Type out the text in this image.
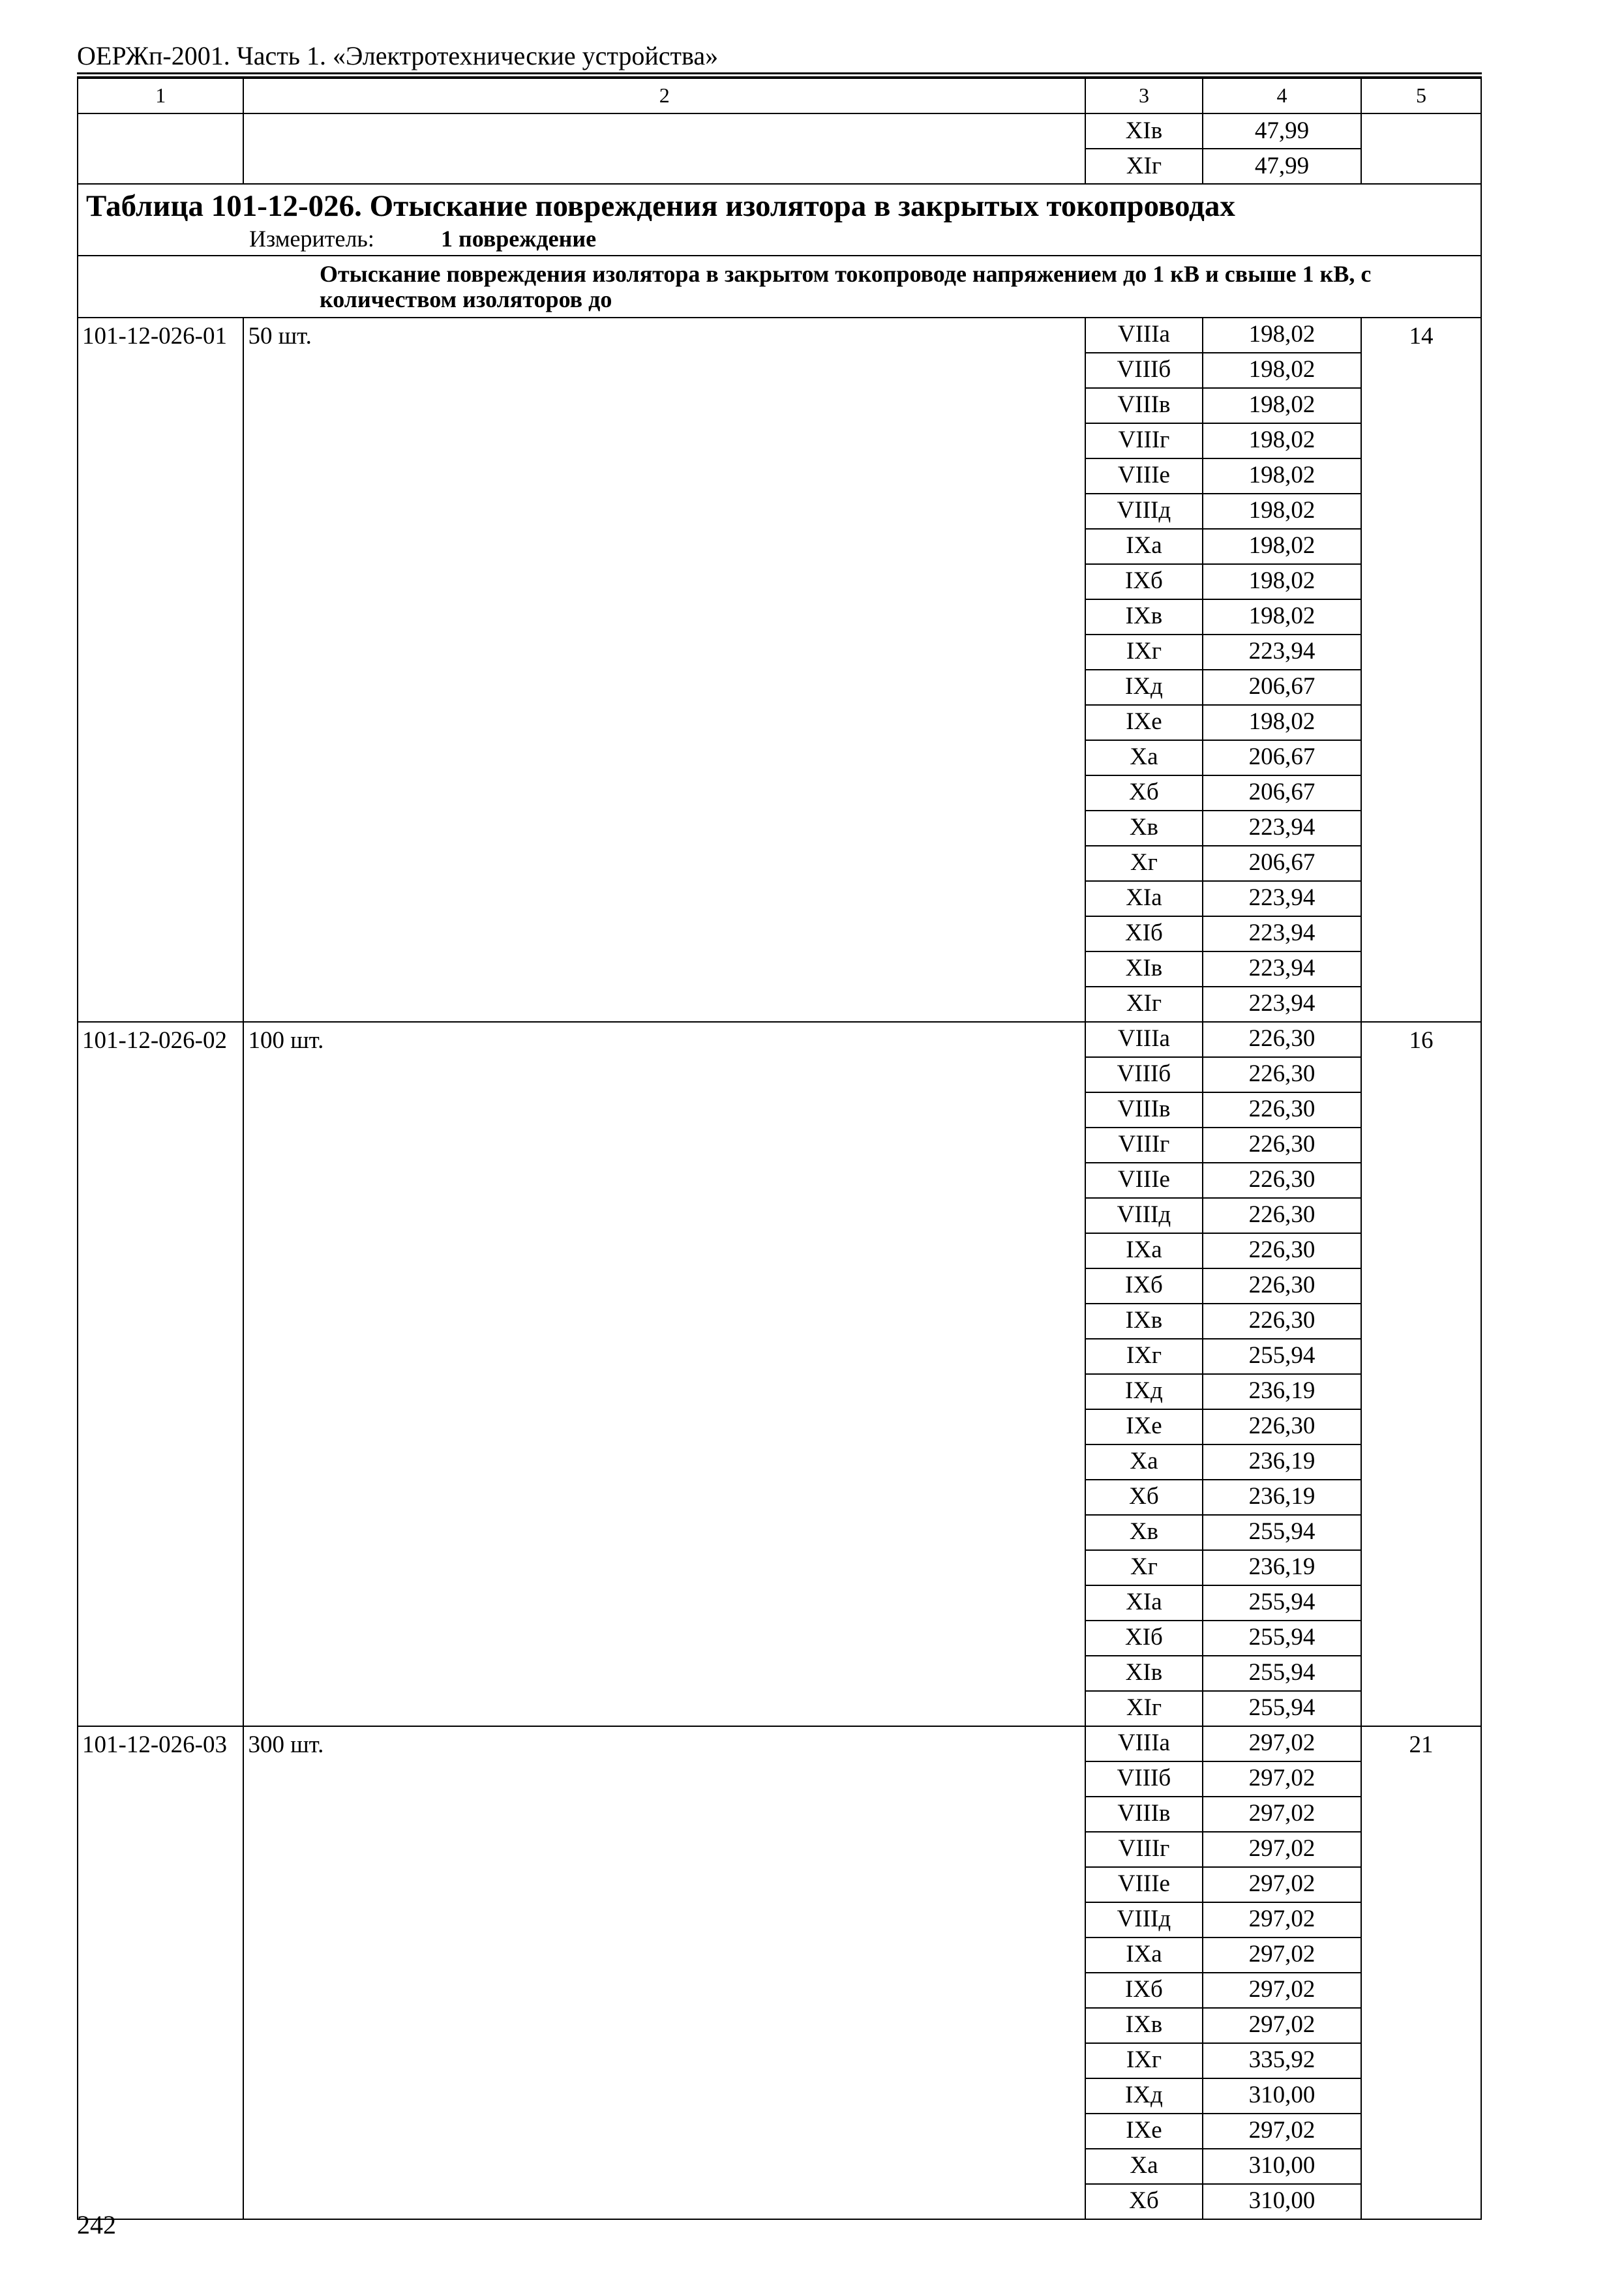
ОЕРЖп-2001. Часть 1. «Электротехнические устройства»
1	2	3	4	5
		XIв	47,99	
		XIг	47,99	

Таблица 101-12-026. Отыскание повреждения изолятора в закрытых токопроводах
Измеритель: 1 повреждение				

Отыскание повреждения изолятора в закрытом токопроводе напряжением до 1 кВ и свыше 1 кВ, с количеством изоляторов до				
101-12-026-01	50 шт.	VIIIа	198,02	14
		VIIIб	198,02	
		VIIIв	198,02	
		VIIIг	198,02	
		VIIIе	198,02	
		VIIIд	198,02	
		IXа	198,02	
		IXб	198,02	
		IXв	198,02	
		IXг	223,94	
		IXд	206,67	
		IXе	198,02	
		Xа	206,67	
		Xб	206,67	
		Xв	223,94	
		Xг	206,67	
		XIа	223,94	
		XIб	223,94	
		XIв	223,94	
		XIг	223,94	
101-12-026-02	100 шт.	VIIIа	226,30	16
		VIIIб	226,30	
		VIIIв	226,30	
		VIIIг	226,30	
		VIIIе	226,30	
		VIIIд	226,30	
		IXа	226,30	
		IXб	226,30	
		IXв	226,30	
		IXг	255,94	
		IXд	236,19	
		IXе	226,30	
		Xа	236,19	
		Xб	236,19	
		Xв	255,94	
		Xг	236,19	
		XIа	255,94	
		XIб	255,94	
		XIв	255,94	
		XIг	255,94	
101-12-026-03	300 шт.	VIIIа	297,02	21
		VIIIб	297,02	
		VIIIв	297,02	
		VIIIг	297,02	
		VIIIе	297,02	
		VIIIд	297,02	
		IXа	297,02	
		IXб	297,02	
		IXв	297,02	
		IXг	335,92	
		IXд	310,00	
		IXе	297,02	
		Xа	310,00	
		Xб	310,00	
242
